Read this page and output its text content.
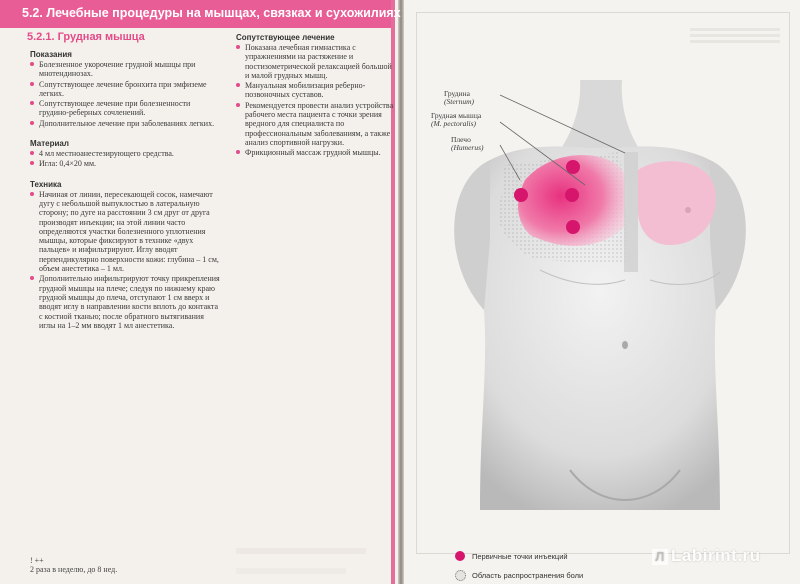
5.2. Лечебные процедуры на мышцах, связках и сухожилиях
5.2.1. Грудная мышца
Показания
Болезненное укорочение грудной мышцы при мнотендинозах.
Сопутствующее лечение бронхита при эмфиземе легких.
Сопутствующее лечение при болезненности грудино-реберных сочленений.
Дополнительное лечение при заболеваниях легких.
Материал
4 мл местноанестезирующего средства.
Игла: 0,4×20 мм.
Техника
Начиная от линии, пересекающей сосок, намечают дугу с небольшой выпуклостью в латеральную сторону; по дуге на расстоянии 3 см друг от друга производят инъекции; на этой линии часто определяются участки болезненного уплотнения мышцы, которые фиксируют в технике «двух пальцев» и инфильтрируют. Иглу вводят перпендикулярно поверхности кожи: глубина – 1 см, объем анестетика – 1 мл.
Дополнительно инфильтрируют точку прикрепления грудной мышцы на плече; следуя по нижнему краю грудной мышцы до плеча, отступают 1 см вверх и вводят иглу в направлении кости вплоть до контакта с костной тканью; после обратного вытягивания иглы на 1–2 мм вводят 1 мл анестетика.
Сопутствующее лечение
Показана лечебная гимнастика с упражнениями на растяжение и постизометрической релаксацией большой и малой грудных мышц.
Мануальная мобилизация реберно-позвоночных суставов.
Рекомендуется провести анализ устройства рабочего места пациента с точки зрения вредного для специалиста по профессиональным заболеваниям, а также анализ спортивной нагрузки.
Фрикционный массаж грудной мышцы.
! ++
2 раза в неделю, до 8 нед.
Грудина
(Sternum)
Грудная мышца
(M. pectoralis)
Плечо
(Humerus)
Первичные точки инъекций
Область распространения боли
Л Labirint.ru
